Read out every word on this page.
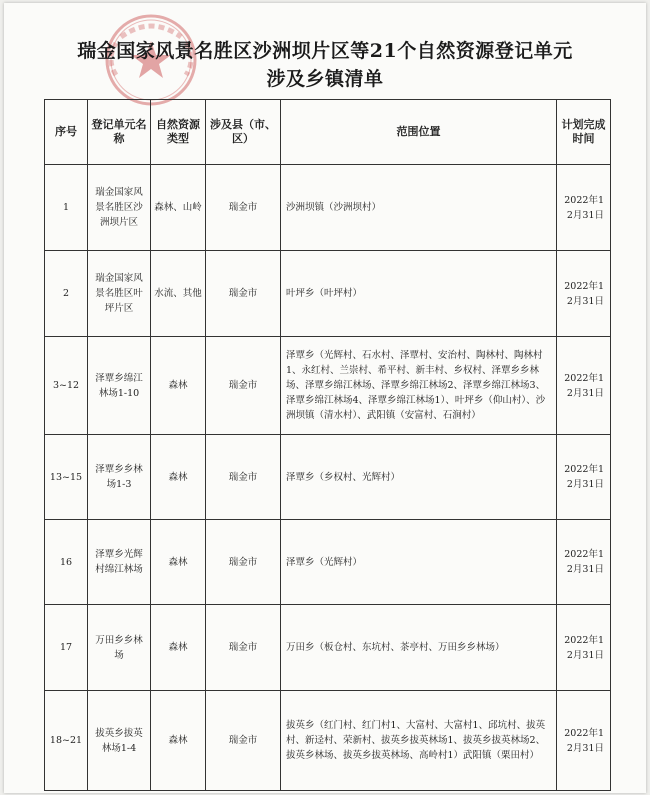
瑞金国家风景名胜区沙洲坝片区等21个自然资源登记单元
涉及乡镇清单
序号	登记单元名称	自然资源类型	涉及县（市、区）	范围位置	计划完成时间
1	瑞金国家风景名胜区沙洲坝片区	森林、山岭	瑞金市	沙洲坝镇（沙洲坝村）	2022年12月31日
2	瑞金国家风景名胜区叶坪片区	水流、其他	瑞金市	叶坪乡（叶坪村）	2022年12月31日
3~12	泽覃乡绵江林场1-10	森林	瑞金市	泽覃乡（光辉村、石水村、泽覃村、安治村、陶林村、陶林村1、永红村、兰崇村、希平村、新丰村、乡权村、泽覃乡乡林场、泽覃乡绵江林场、泽覃乡绵江林场2、泽覃乡绵江林场3、泽覃乡绵江林场4、泽覃乡绵江林场1）、叶坪乡（仰山村）、沙洲坝镇（清水村）、武阳镇（安富村、石涧村）	2022年12月31日
13~15	泽覃乡乡林场1-3	森林	瑞金市	泽覃乡（乡权村、光辉村）	2022年12月31日
16	泽覃乡光辉村绵江林场	森林	瑞金市	泽覃乡（光辉村）	2022年12月31日
17	万田乡乡林场	森林	瑞金市	万田乡（板仓村、东坑村、茶亭村、万田乡乡林场）	2022年12月31日
18~21	拔英乡拔英林场1-4	森林	瑞金市	拔英乡（红门村、红门村1、大富村、大富村1、邱坑村、拔英村、新迳村、荣新村、拔英乡拔英林场1、拔英乡拔英林场2、拔英乡林场、拔英乡拔英林场、高岭村1）武阳镇（栗田村）	2022年12月31日
